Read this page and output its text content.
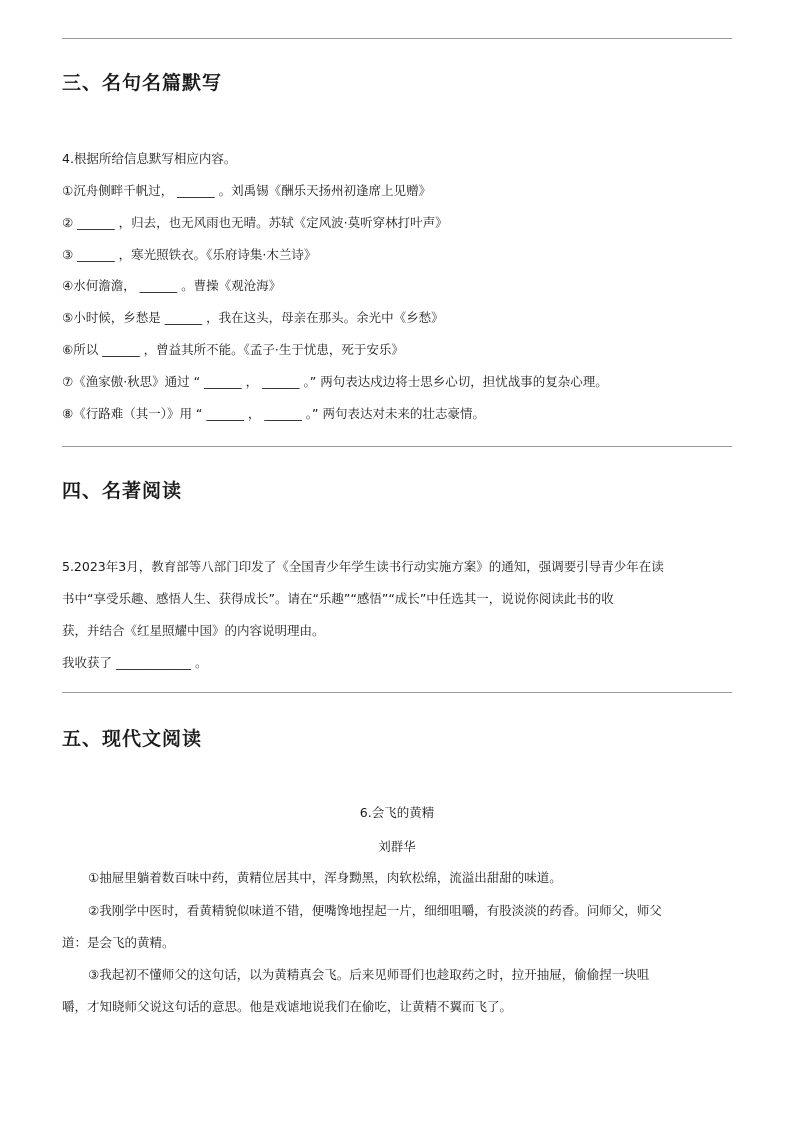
三、名句名篇默写
4.根据所给信息默写相应内容。
①沉舟侧畔千帆过， ______ 。刘禹锡《酬乐天扬州初逢席上见赠》
② ______ ，归去，也无风雨也无晴。苏轼《定风波·莫听穿林打叶声》
③ ______ ，寒光照铁衣。《乐府诗集·木兰诗》
④水何澹澹， ______ 。曹操《观沧海》
⑤小时候，乡愁是 ______ ，我在这头，母亲在那头。余光中《乡愁》
⑥所以 ______ ，曾益其所不能。《孟子·生于忧患，死于安乐》
⑦《渔家傲·秋思》通过 “ ______ ， ______ 。” 两句表达戍边将士思乡心切，担忧战事的复杂心理。
⑧《行路难（其一）》用 “ ______ ， ______ 。” 两句表达对未来的壮志豪情。
四、名著阅读
5.2023年3月，教育部等八部门印发了《全国青少年学生读书行动实施方案》的通知，强调要引导青少年在读
书中“享受乐趣、感悟人生、获得成长”。请在“乐趣”“感悟”“成长”中任选其一，说说你阅读此书的收
获，并结合《红星照耀中国》的内容说明理由。
我收获了 ____________ 。
五、现代文阅读
6.会飞的黄精
刘群华
①抽屉里躺着数百味中药，黄精位居其中，浑身黝黑，肉软松绵，流溢出甜甜的味道。
②我刚学中医时，看黄精貌似味道不错，便嘴馋地捏起一片，细细咀嚼，有股淡淡的药香。问师父，师父
道：是会飞的黄精。
③我起初不懂师父的这句话，以为黄精真会飞。后来见师哥们也趁取药之时，拉开抽屉，偷偷捏一块咀
嚼，才知晓师父说这句话的意思。他是戏谑地说我们在偷吃，让黄精不翼而飞了。
